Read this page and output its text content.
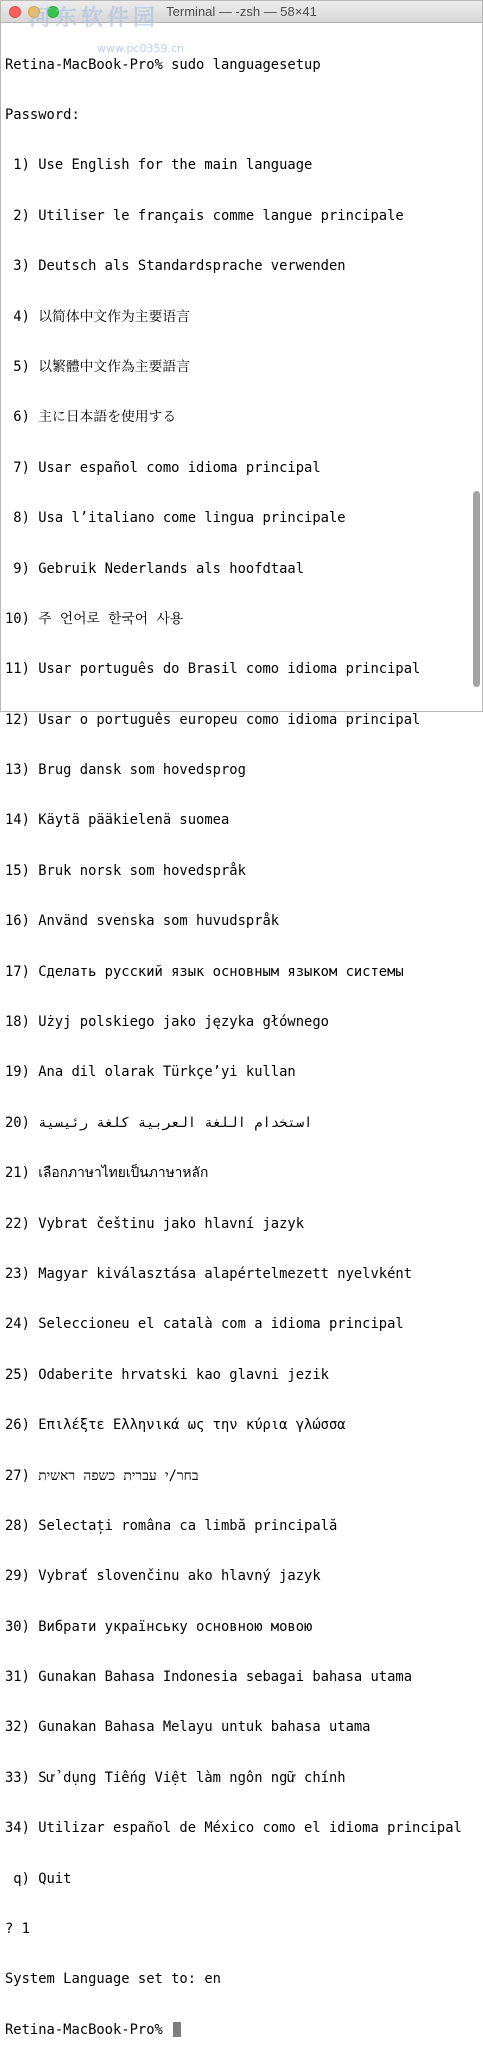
Terminal — -zsh — 58×41

Retina-MacBook-Pro% sudo languagesetup

Password:

1) Use English for the main language

2) Utiliser le français comme langue principale

3) Deutsch als Standardsprache verwenden

4) 以简体中文作为主要语言

5) 以繁體中文作為主要語言

6) 主に日本語を使用する

7) Usar español como idioma principal

8) Usa l’italiano come lingua principale

9) Gebruik Nederlands als hoofdtaal

10) 주 언어로 한국어 사용

11) Usar português do Brasil como idioma principal

12) Usar o português europeu como idioma principal

13) Brug dansk som hovedsprog

14) Käytä pääkielenä suomea

15) Bruk norsk som hovedspråk

16) Använd svenska som huvudspråk

17) Сделать русский язык основным языком системы

18) Użyj polskiego jako języka głównego

19) Ana dil olarak Türkçe’yi kullan

20) استخدام اللغة العربية كلغة رئيسية

21) เลือกภาษาไทยเป็นภาษาหลัก

22) Vybrat češtinu jako hlavní jazyk

23) Magyar kiválasztása alapértelmezett nyelvként

24) Seleccioneu el català com a idioma principal

25) Odaberite hrvatski kao glavni jezik

26) Επιλέξτε Ελληνικά ως την κύρια γλώσσα

27) בחר/י עברית כשפה ראשית

28) Selectați româna ca limbă principală

29) Vybrať slovenčinu ako hlavný jazyk

30) Вибрати українську основною мовою

31) Gunakan Bahasa Indonesia sebagai bahasa utama

32) Gunakan Bahasa Melayu untuk bahasa utama

33) Sử dụng Tiếng Việt làm ngôn ngữ chính

34) Utilizar español de México como el idioma principal

q) Quit

? 1

System Language set to: en

Retina-MacBook-Pro%

河东软件园
www.pc0359.cn
